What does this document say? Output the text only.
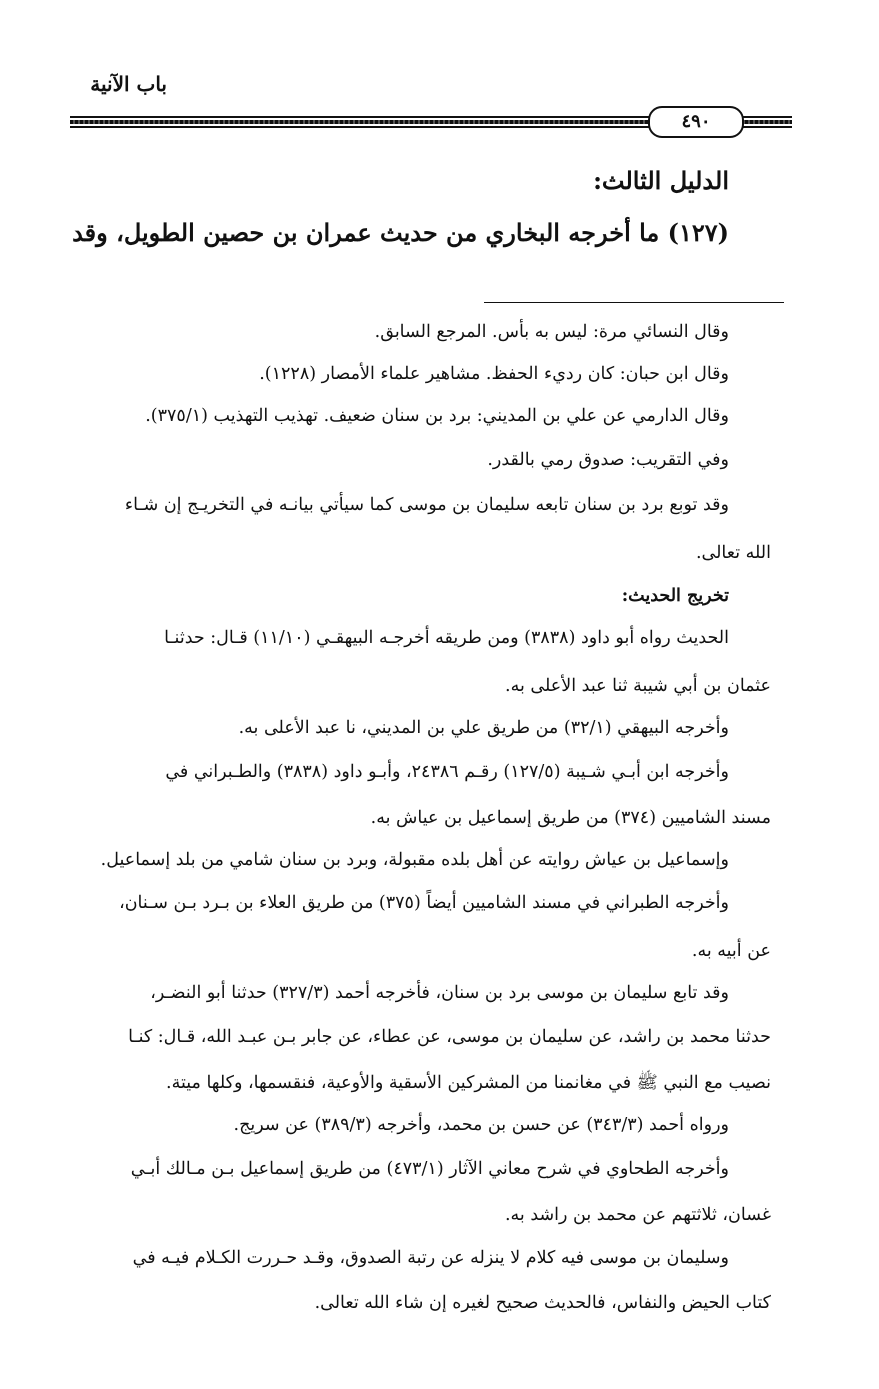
باب الآنية
٤٩٠
الدليل الثالث:
(١٢٧) ما أخرجه البخاري من حديث عمران بن حصين الطويل، وقد
وقال النسائي مرة: ليس به بأس. المرجع السابق.
وقال ابن حبان: كان رديء الحفظ. مشاهير علماء الأمصار (١٢٢٨).
وقال الدارمي عن علي بن المديني: برد بن سنان ضعيف. تهذيب التهذيب (٣٧٥/١).
وفي التقريب: صدوق رمي بالقدر.
وقد توبع برد بن سنان تابعه سليمان بن موسى كما سيأتي بيانـه في التخريـج إن شـاء
الله تعالى.
تخريج الحديث:
الحديث رواه أبو داود (٣٨٣٨) ومن طريقه أخرجـه البيهقـي (١١/١٠) قـال: حدثنـا
عثمان بن أبي شيبة ثنا عبد الأعلى به.
وأخرجه البيهقي (٣٢/١) من طريق علي بن المديني، نا عبد الأعلى به.
وأخرجه ابن أبـي شـيبة (١٢٧/٥) رقـم ٢٤٣٨٦، وأبـو داود (٣٨٣٨) والطـبراني في
مسند الشاميين (٣٧٤) من طريق إسماعيل بن عياش به.
وإسماعيل بن عياش روايته عن أهل بلده مقبولة، وبرد بن سنان شامي من بلد إسماعيل.
وأخرجه الطبراني في مسند الشاميين أيضاً (٣٧٥) من طريق العلاء بن بـرد بـن سـنان،
عن أبيه به.
وقد تابع سليمان بن موسى برد بن سنان، فأخرجه أحمد (٣٢٧/٣) حدثنا أبو النضـر،
حدثنا محمد بن راشد، عن سليمان بن موسى، عن عطاء، عن جابر بـن عبـد الله، قـال: كنـا
نصيب مع النبي ﷺ في مغانمنا من المشركين الأسقية والأوعية، فنقسمها، وكلها ميتة.
ورواه أحمد (٣٤٣/٣) عن حسن بن محمد، وأخرجه (٣٨٩/٣) عن سريج.
وأخرجه الطحاوي في شرح معاني الآثار (٤٧٣/١) من طريق إسماعيل بـن مـالك أبـي
غسان، ثلاثتهم عن محمد بن راشد به.
وسليمان بن موسى فيه كلام لا ينزله عن رتبة الصدوق، وقـد حـررت الكـلام فيـه في
كتاب الحيض والنفاس، فالحديث صحيح لغيره إن شاء الله تعالى.
